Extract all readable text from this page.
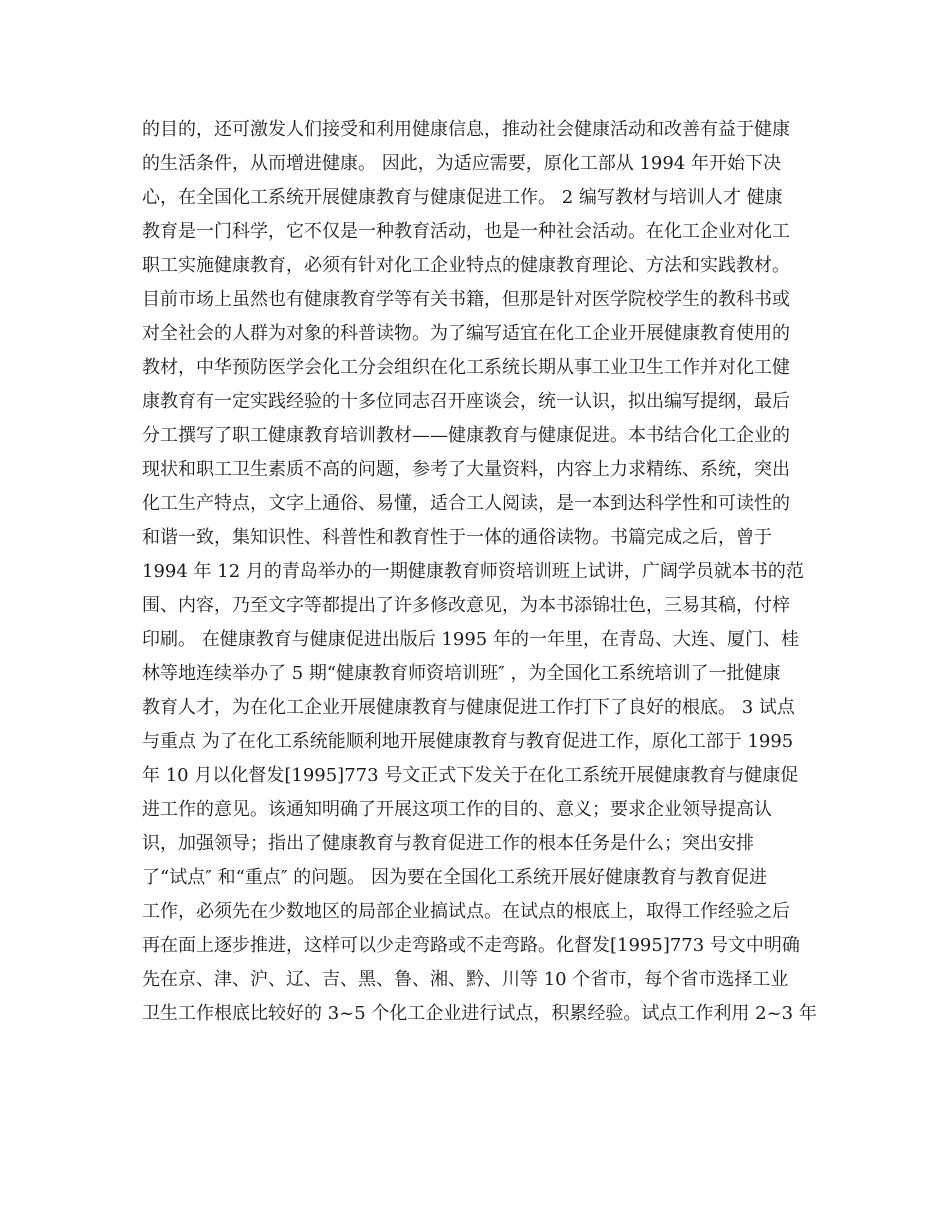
的目的，还可激发人们接受和利用健康信息，推动社会健康活动和改善有益于健康
的生活条件，从而增进健康。 因此，为适应需要，原化工部从 1994 年开始下决
心，在全国化工系统开展健康教育与健康促进工作。 2 编写教材与培训人才 健康
教育是一门科学，它不仅是一种教育活动，也是一种社会活动。在化工企业对化工
职工实施健康教育，必须有针对化工企业特点的健康教育理论、方法和实践教材。
目前市场上虽然也有健康教育学等有关书籍，但那是针对医学院校学生的教科书或
对全社会的人群为对象的科普读物。为了编写适宜在化工企业开展健康教育使用的
教材，中华预防医学会化工分会组织在化工系统长期从事工业卫生工作并对化工健
康教育有一定实践经验的十多位同志召开座谈会，统一认识，拟出编写提纲，最后
分工撰写了职工健康教育培训教材——健康教育与健康促进。本书结合化工企业的
现状和职工卫生素质不高的问题，参考了大量资料，内容上力求精练、系统，突出
化工生产特点，文字上通俗、易懂，适合工人阅读，是一本到达科学性和可读性的
和谐一致，集知识性、科普性和教育性于一体的通俗读物。书篇完成之后，曾于
1994 年 12 月的青岛举办的一期健康教育师资培训班上试讲，广阔学员就本书的范
围、内容，乃至文字等都提出了许多修改意见，为本书添锦壮色，三易其稿，付梓
印刷。 在健康教育与健康促进出版后 1995 年的一年里，在青岛、大连、厦门、桂
林等地连续举办了 5 期“健康教育师资培训班″ ，为全国化工系统培训了一批健康
教育人才，为在化工企业开展健康教育与健康促进工作打下了良好的根底。 3 试点
与重点 为了在化工系统能顺利地开展健康教育与教育促进工作，原化工部于 1995
年 10 月以化督发[1995]773 号文正式下发关于在化工系统开展健康教育与健康促
进工作的意见。该通知明确了开展这项工作的目的、意义；要求企业领导提高认
识，加强领导；指出了健康教育与教育促进工作的根本任务是什么；突出安排
了“试点″ 和“重点″ 的问题。 因为要在全国化工系统开展好健康教育与教育促进
工作，必须先在少数地区的局部企业搞试点。在试点的根底上，取得工作经验之后
再在面上逐步推进，这样可以少走弯路或不走弯路。化督发[1995]773 号文中明确
先在京、津、沪、辽、吉、黑、鲁、湘、黔、川等 10 个省市，每个省市选择工业
卫生工作根底比较好的 3~5 个化工企业进行试点，积累经验。试点工作利用 2~3 年
